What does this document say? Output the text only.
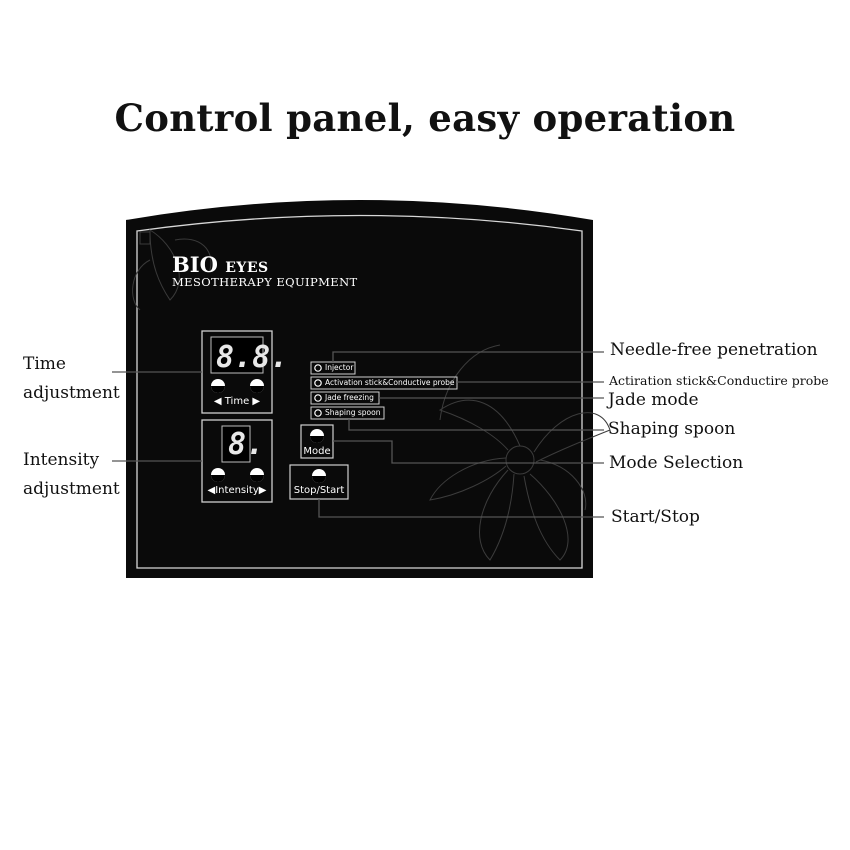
Control panel, easy operation
BIO EYES
MESOTHERAPY EQUIPMENT
8.8.
8.
◀ Time ▶
◀Intensity▶
Mode
Stop/Start
Injector
Activation stick&Conductive probe
Jade freezing
Shaping spoon
Time
adjustment
Intensity
adjustment
Needle-free penetration
Actiration stick&Conductire probe
Jade mode
Shaping spoon
Mode Selection
Start/Stop
